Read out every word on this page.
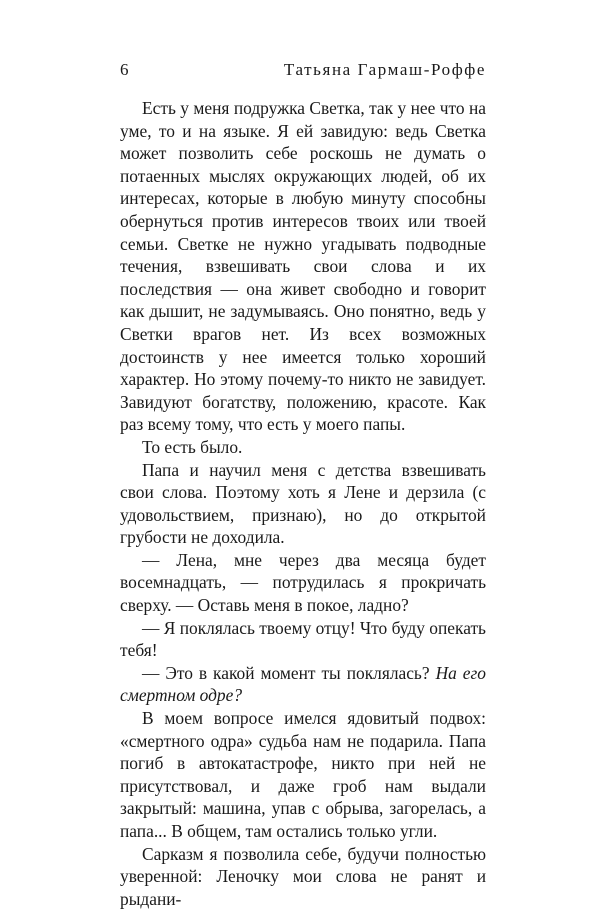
6	Татьяна Гармаш-Роффе

Есть у меня подружка Светка, так у нее что на уме, то и на языке. Я ей завидую: ведь Светка может позволить себе роскошь не думать о потаенных мыслях окружающих людей, об их интересах, которые в любую минуту способны обернуться против интересов твоих или твоей семьи. Светке не нужно угадывать подводные течения, взвешивать свои слова и их последствия — она живет свободно и говорит как дышит, не задумываясь. Оно понятно, ведь у Светки врагов нет. Из всех возможных достоинств у нее имеется только хороший характер. Но этому почему-то никто не завидует. Завидуют богатству, положению, красоте. Как раз всему тому, что есть у моего папы.

То есть было.

Папа и научил меня с детства взвешивать свои слова. Поэтому хоть я Лене и дерзила (с удовольствием, признаю), но до открытой грубости не доходила.

— Лена, мне через два месяца будет восемнадцать, — потрудилась я прокричать сверху. — Оставь меня в покое, ладно?

— Я поклялась твоему отцу! Что буду опекать тебя!

— Это в какой момент ты поклялась? На его смертном одре?

В моем вопросе имелся ядовитый подвох: «смертного одра» судьба нам не подарила. Папа погиб в автокатастрофе, никто при ней не присутствовал, и даже гроб нам выдали закрытый: машина, упав с обрыва, загорелась, а папа... В общем, там остались только угли.

Сарказм я позволила себе, будучи полностью уверенной: Леночку мои слова не ранят и рыдани-
